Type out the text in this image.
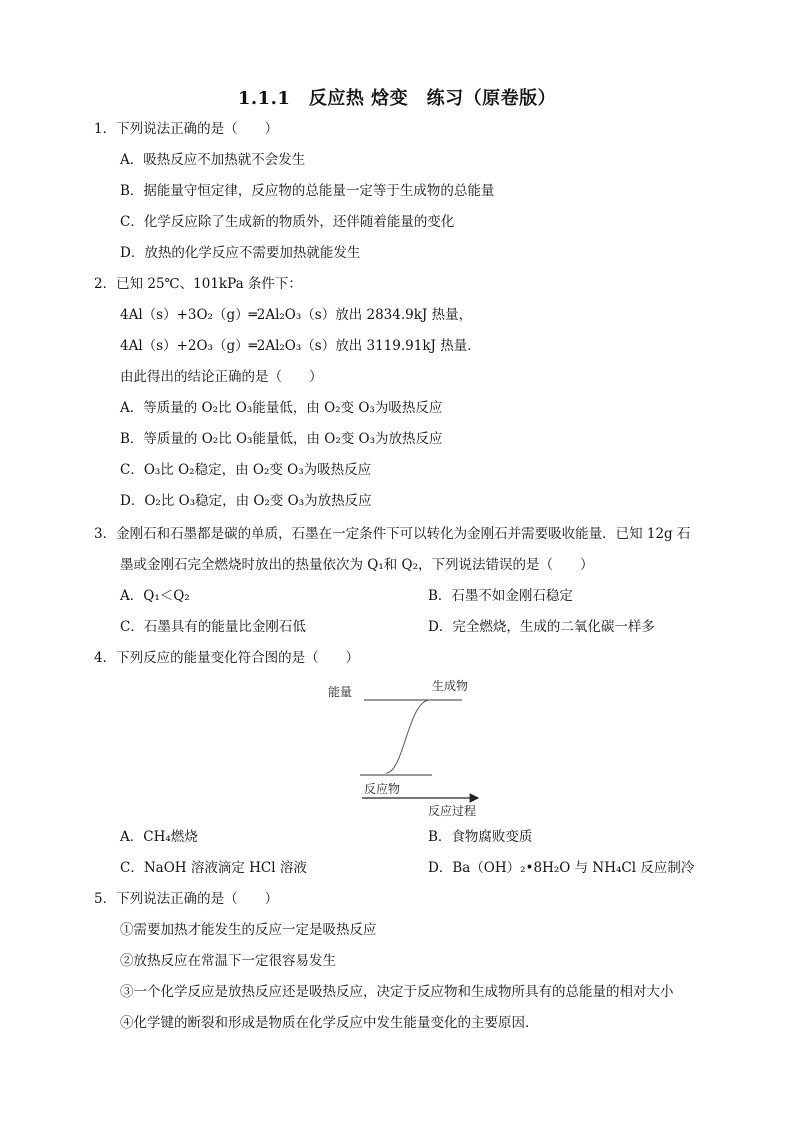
1.1.1　反应热 焓变　练习（原卷版）
1．下列说法正确的是（　　）
A．吸热反应不加热就不会发生
B．据能量守恒定律，反应物的总能量一定等于生成物的总能量
C．化学反应除了生成新的物质外，还伴随着能量的变化
D．放热的化学反应不需要加热就能发生
2．已知 25℃、101kPa 条件下：
4Al（s）+3O₂（g）═2Al₂O₃（s）放出 2834.9kJ 热量，
4Al（s）+2O₃（g）═2Al₂O₃（s）放出 3119.91kJ 热量．
由此得出的结论正确的是（　　）
A．等质量的 O₂比 O₃能量低，由 O₂变 O₃为吸热反应
B．等质量的 O₂比 O₃能量低，由 O₂变 O₃为放热反应
C．O₃比 O₂稳定，由 O₂变 O₃为吸热反应
D．O₂比 O₃稳定，由 O₂变 O₃为放热反应
3．金刚石和石墨都是碳的单质，石墨在一定条件下可以转化为金刚石并需要吸收能量．已知 12g 石
墨或金刚石完全燃烧时放出的热量依次为 Q₁和 Q₂，下列说法错误的是（　　）
A．Q₁＜Q₂	B．石墨不如金刚石稳定
C．石墨具有的能量比金刚石低	D．完全燃烧，生成的二氧化碳一样多
4．下列反应的能量变化符合图的是（　　）
能量	生成物
反应物
反应过程
A．CH₄燃烧	B．食物腐败变质
C．NaOH 溶液滴定 HCl 溶液	D．Ba（OH）₂•8H₂O 与 NH₄Cl 反应制冷
5．下列说法正确的是（　　）
①需要加热才能发生的反应一定是吸热反应
②放热反应在常温下一定很容易发生
③一个化学反应是放热反应还是吸热反应，决定于反应物和生成物所具有的总能量的相对大小
④化学键的断裂和形成是物质在化学反应中发生能量变化的主要原因．
